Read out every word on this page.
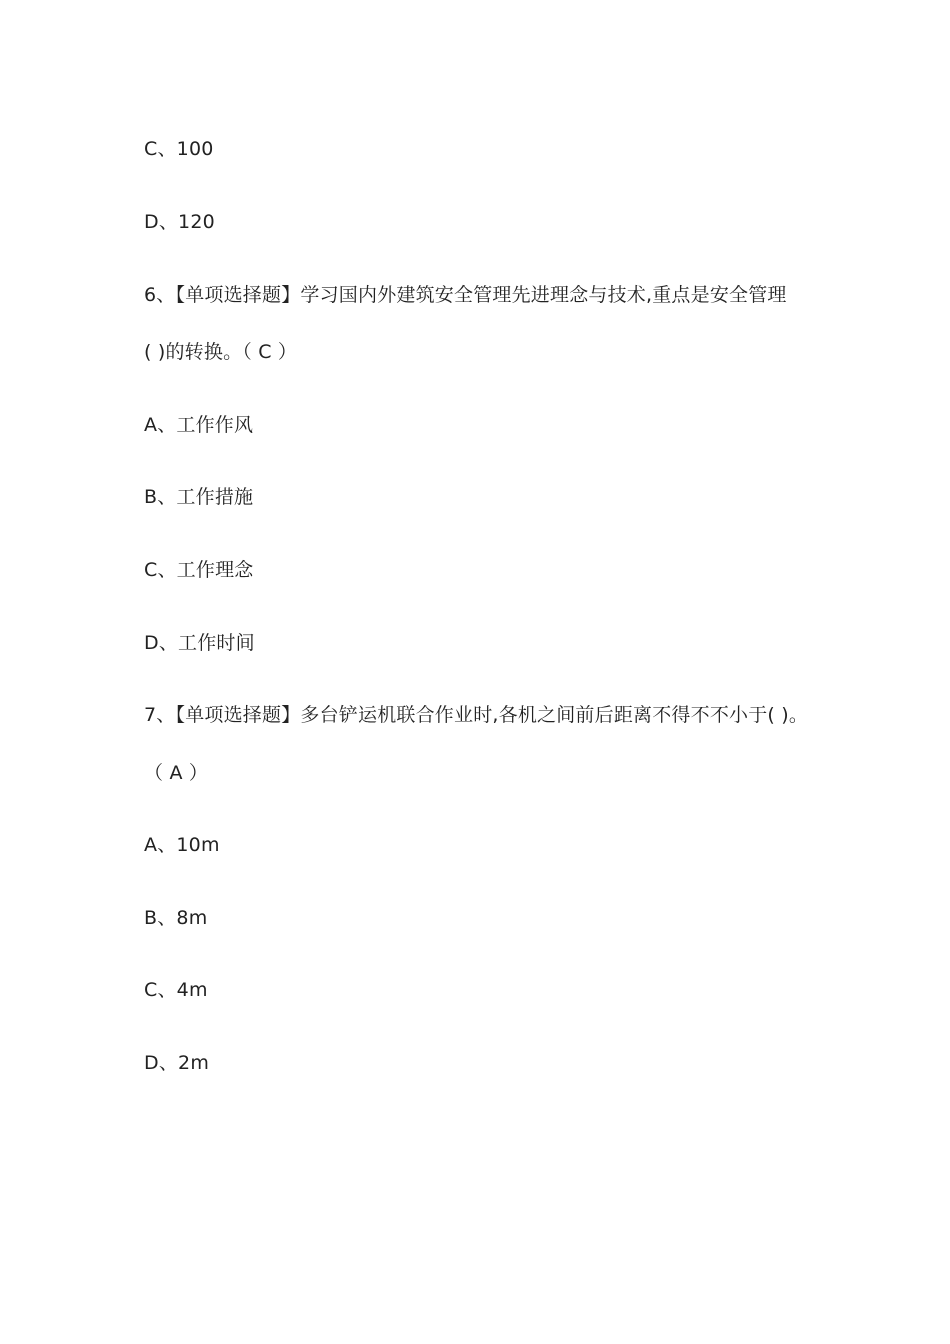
C、100
D、120
6、【单项选择题】学习国内外建筑安全管理先进理念与技术,重点是安全管理
( )的转换。（ C ）
A、工作作风
B、工作措施
C、工作理念
D、工作时间
7、【单项选择题】多台铲运机联合作业时,各机之间前后距离不得不不小于( )。
（ A ）
A、10m
B、8m
C、4m
D、2m
